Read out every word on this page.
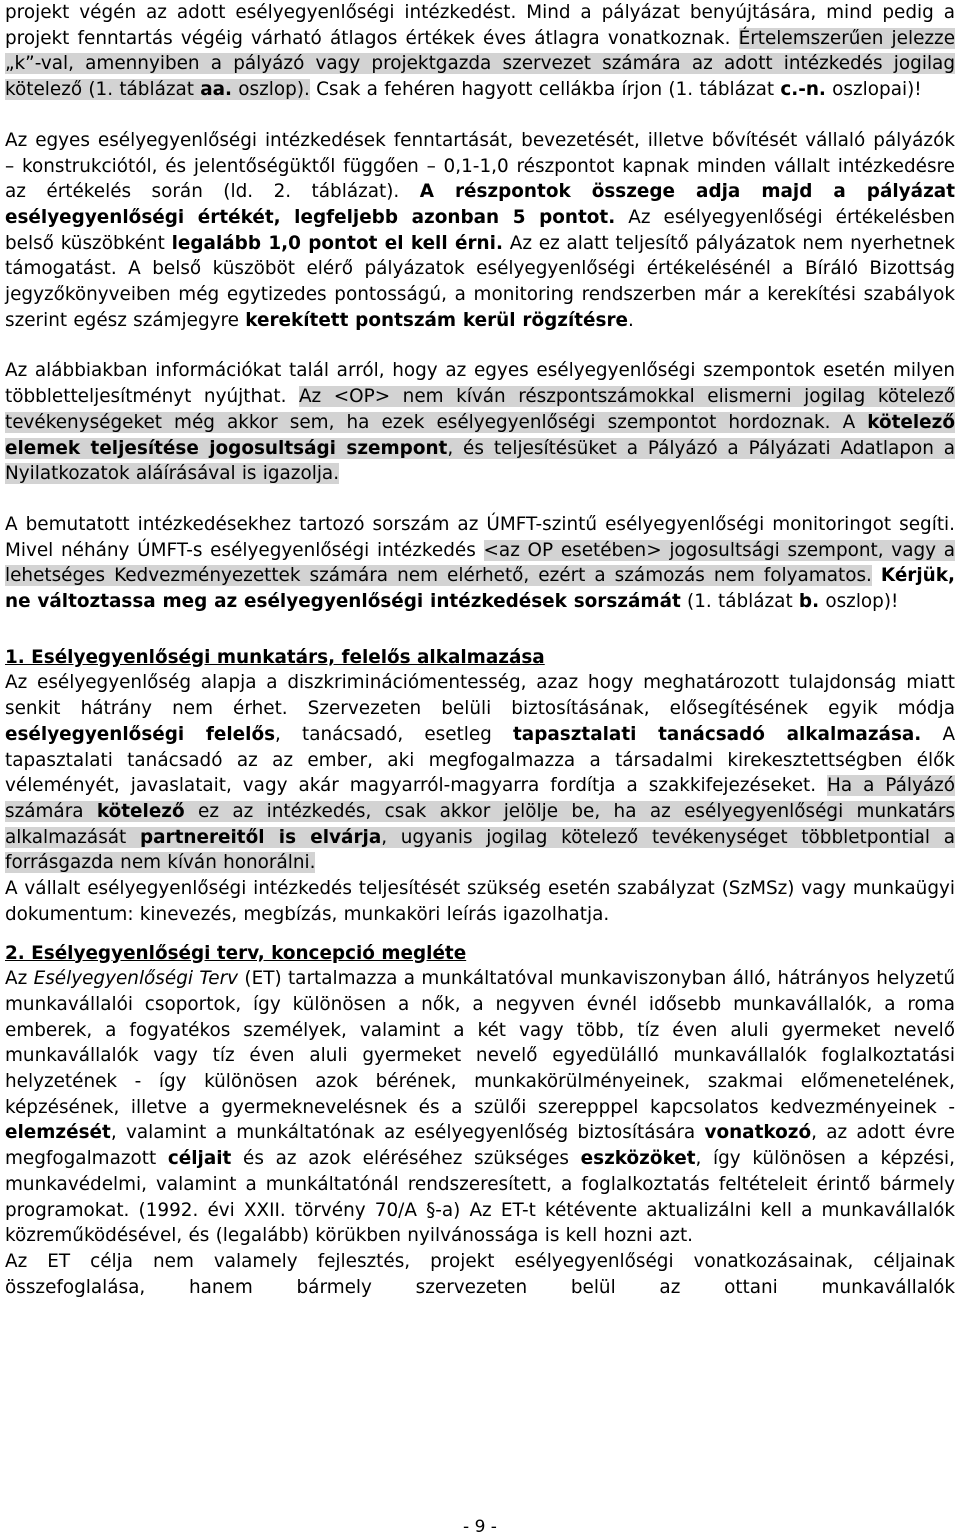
projekt végén az adott esélyegyenlőségi intézkedést. Mind a pályázat benyújtására, mind pedig a projekt fenntartás végéig várható átlagos értékek éves átlagra vonatkoznak. Értelemszerűen jelezze „k”-val, amennyiben a pályázó vagy projektgazda szervezet számára az adott intézkedés jogilag kötelező (1. táblázat aa. oszlop). Csak a fehéren hagyott cellákba írjon (1. táblázat c.-n. oszlopai)!

Az egyes esélyegyenlőségi intézkedések fenntartását, bevezetését, illetve bővítését vállaló pályázók – konstrukciótól, és jelentőségüktől függően – 0,1-1,0 részpontot kapnak minden vállalt intézkedésre az értékelés során (ld. 2. táblázat). A részpontok összege adja majd a pályázat esélyegyenlőségi értékét, legfeljebb azonban 5 pontot. Az esélyegyenlőségi értékelésben belső küszöbként legalább 1,0 pontot el kell érni. Az ez alatt teljesítő pályázatok nem nyerhetnek támogatást. A belső küszöböt elérő pályázatok esélyegyenlőségi értékelésénél a Bíráló Bizottság jegyzőkönyveiben még egytizedes pontosságú, a monitoring rendszerben már a kerekítési szabályok szerint egész számjegyre kerekített pontszám kerül rögzítésre.

Az alábbiakban információkat talál arról, hogy az egyes esélyegyenlőségi szempontok esetén milyen többletteljesítményt nyújthat. Az <OP> nem kíván részpontszámokkal elismerni jogilag kötelező tevékenységeket még akkor sem, ha ezek esélyegyenlőségi szempontot hordoznak. A kötelező elemek teljesítése jogosultsági szempont, és teljesítésüket a Pályázó a Pályázati Adatlapon a Nyilatkozatok aláírásával is igazolja.

A bemutatott intézkedésekhez tartozó sorszám az ÚMFT-szintű esélyegyenlőségi monitoringot segíti. Mivel néhány ÚMFT-s esélyegyenlőségi intézkedés <az OP esetében> jogosultsági szempont, vagy a lehetséges Kedvezményezettek számára nem elérhető, ezért a számozás nem folyamatos. Kérjük, ne változtassa meg az esélyegyenlőségi intézkedések sorszámát (1. táblázat b. oszlop)!

1. Esélyegyenlőségi munkatárs, felelős alkalmazása

Az esélyegyenlőség alapja a diszkriminációmentesség, azaz hogy meghatározott tulajdonság miatt senkit hátrány nem érhet. Szervezeten belüli biztosításának, elősegítésének egyik módja esélyegyenlőségi felelős, tanácsadó, esetleg tapasztalati tanácsadó alkalmazása. A tapasztalati tanácsadó az az ember, aki megfogalmazza a társadalmi kirekesztettségben élők véleményét, javaslatait, vagy akár magyarról-magyarra fordítja a szakkifejezéseket. Ha a Pályázó számára kötelező ez az intézkedés, csak akkor jelölje be, ha az esélyegyenlőségi munkatárs alkalmazását partnereitől is elvárja, ugyanis jogilag kötelező tevékenységet többletpontial a forrásgazda nem kíván honorálni.

A vállalt esélyegyenlőségi intézkedés teljesítését szükség esetén szabályzat (SzMSz) vagy munkaügyi dokumentum: kinevezés, megbízás, munkaköri leírás igazolhatja.

2. Esélyegyenlőségi terv, koncepció megléte

Az Esélyegyenlőségi Terv (ET) tartalmazza a munkáltatóval munkaviszonyban álló, hátrányos helyzetű munkavállalói csoportok, így különösen a nők, a negyven évnél idősebb munkavállalók, a roma emberek, a fogyatékos személyek, valamint a két vagy több, tíz éven aluli gyermeket nevelő munkavállalók vagy tíz éven aluli gyermeket nevelő egyedülálló munkavállalók foglalkoztatási helyzetének - így különösen azok bérének, munkakörülményeinek, szakmai előmenetelének, képzésének, illetve a gyermeknevelésnek és a szülői szerepppel kapcsolatos kedvezményeinek - elemzését, valamint a munkáltatónak az esélyegyenlőség biztosítására vonatkozó, az adott évre megfogalmazott céljait és az azok eléréséhez szükséges eszközöket, így különösen a képzési, munkavédelmi, valamint a munkáltatónál rendszeresített, a foglalkoztatás feltételeit érintő bármely programokat. (1992. évi XXII. törvény 70/A §-a) Az ET-t kétévente aktualizálni kell a munkavállalók közreműködésével, és (legalább) körükben nyilvánossága is kell hozni azt.

Az ET célja nem valamely fejlesztés, projekt esélyegyenlőségi vonatkozásainak, céljainak összefoglalása, hanem bármely szervezeten belül az ottani munkavállalók

- 9 -
